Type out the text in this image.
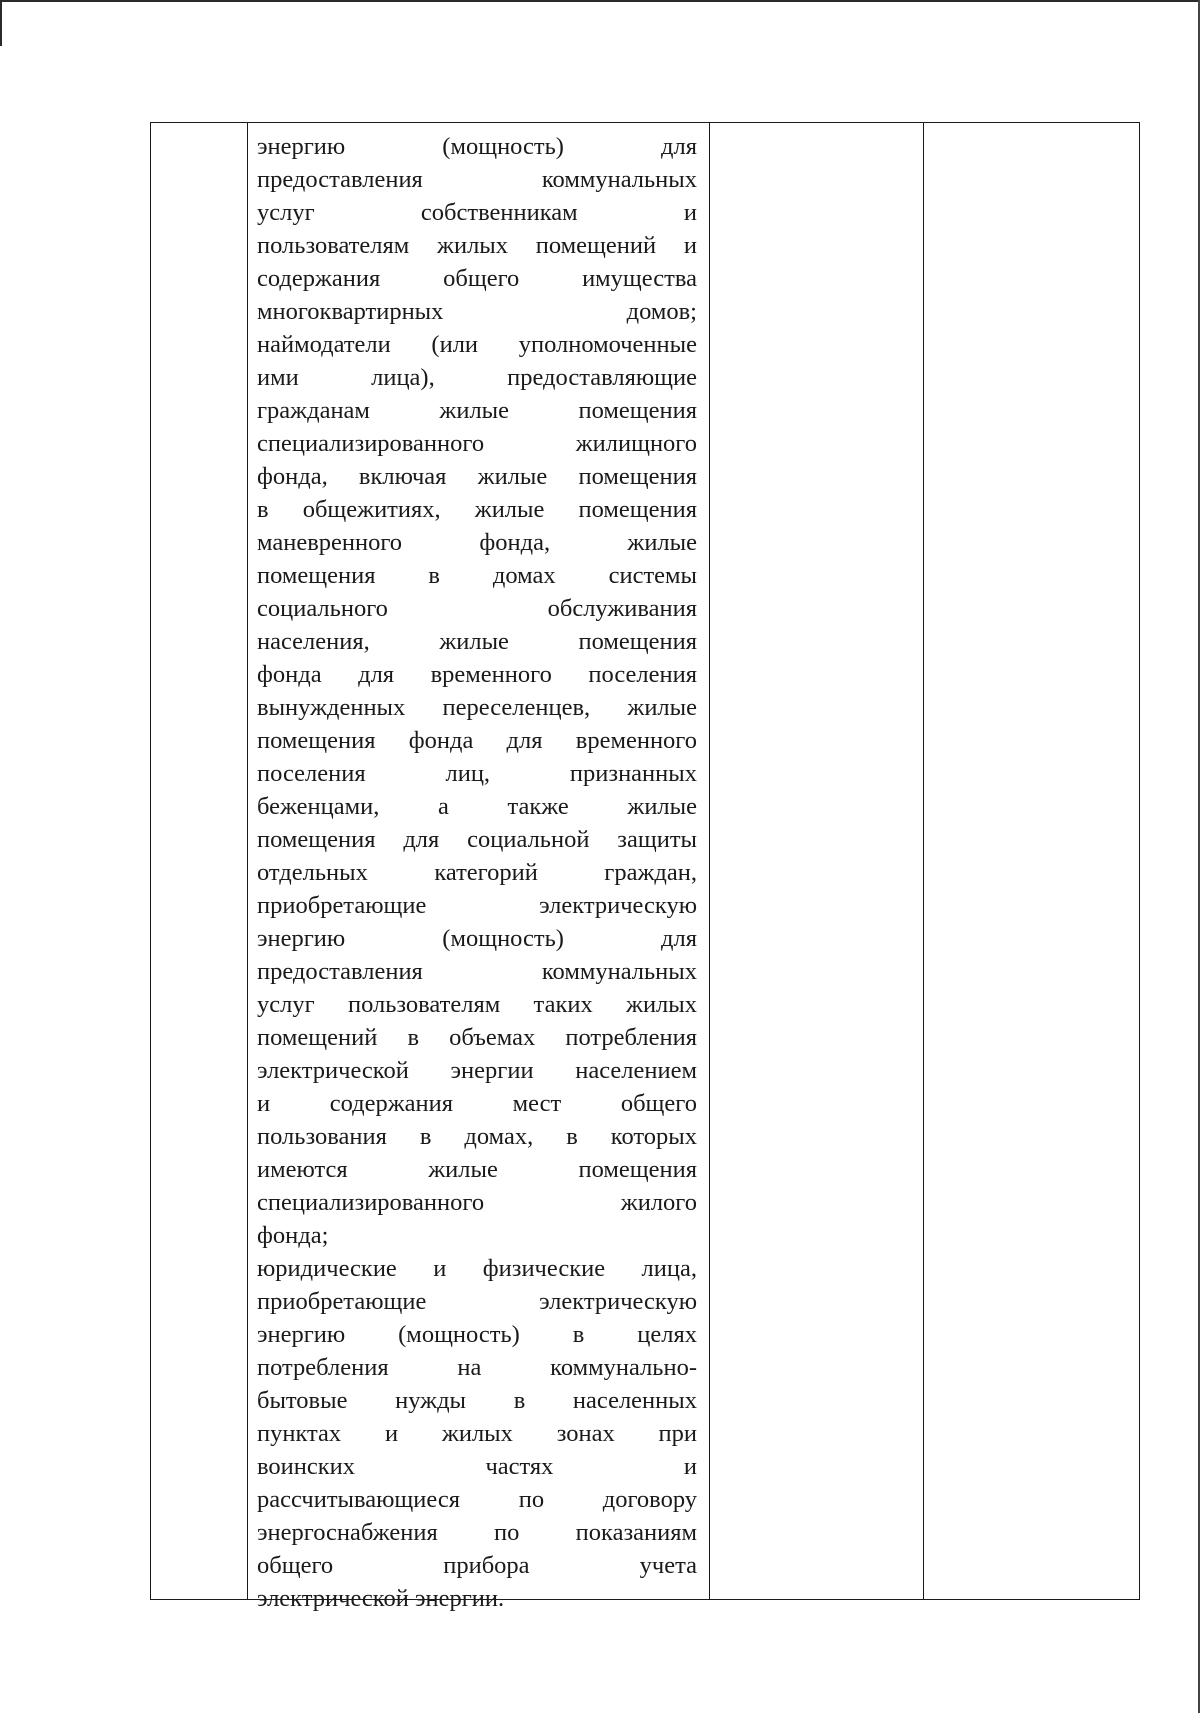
энергию (мощность) для
предоставления коммунальных
услуг собственникам и
пользователям жилых помещений и
содержания общего имущества
многоквартирных домов;
наймодатели (или уполномоченные
ими лица), предоставляющие
гражданам жилые помещения
специализированного жилищного
фонда, включая жилые помещения
в общежитиях, жилые помещения
маневренного фонда, жилые
помещения в домах системы
социального обслуживания
населения, жилые помещения
фонда для временного поселения
вынужденных переселенцев, жилые
помещения фонда для временного
поселения лиц, признанных
беженцами, а также жилые
помещения для социальной защиты
отдельных категорий граждан,
приобретающие электрическую
энергию (мощность) для
предоставления коммунальных
услуг пользователям таких жилых
помещений в объемах потребления
электрической энергии населением
и содержания мест общего
пользования в домах, в которых
имеются жилые помещения
специализированного жилого
фонда;
юридические и физические лица,
приобретающие электрическую
энергию (мощность) в целях
потребления на коммунально-
бытовые нужды в населенных
пунктах и жилых зонах при
воинских частях и
рассчитывающиеся по договору
энергоснабжения по показаниям
общего прибора учета
электрической энергии.
